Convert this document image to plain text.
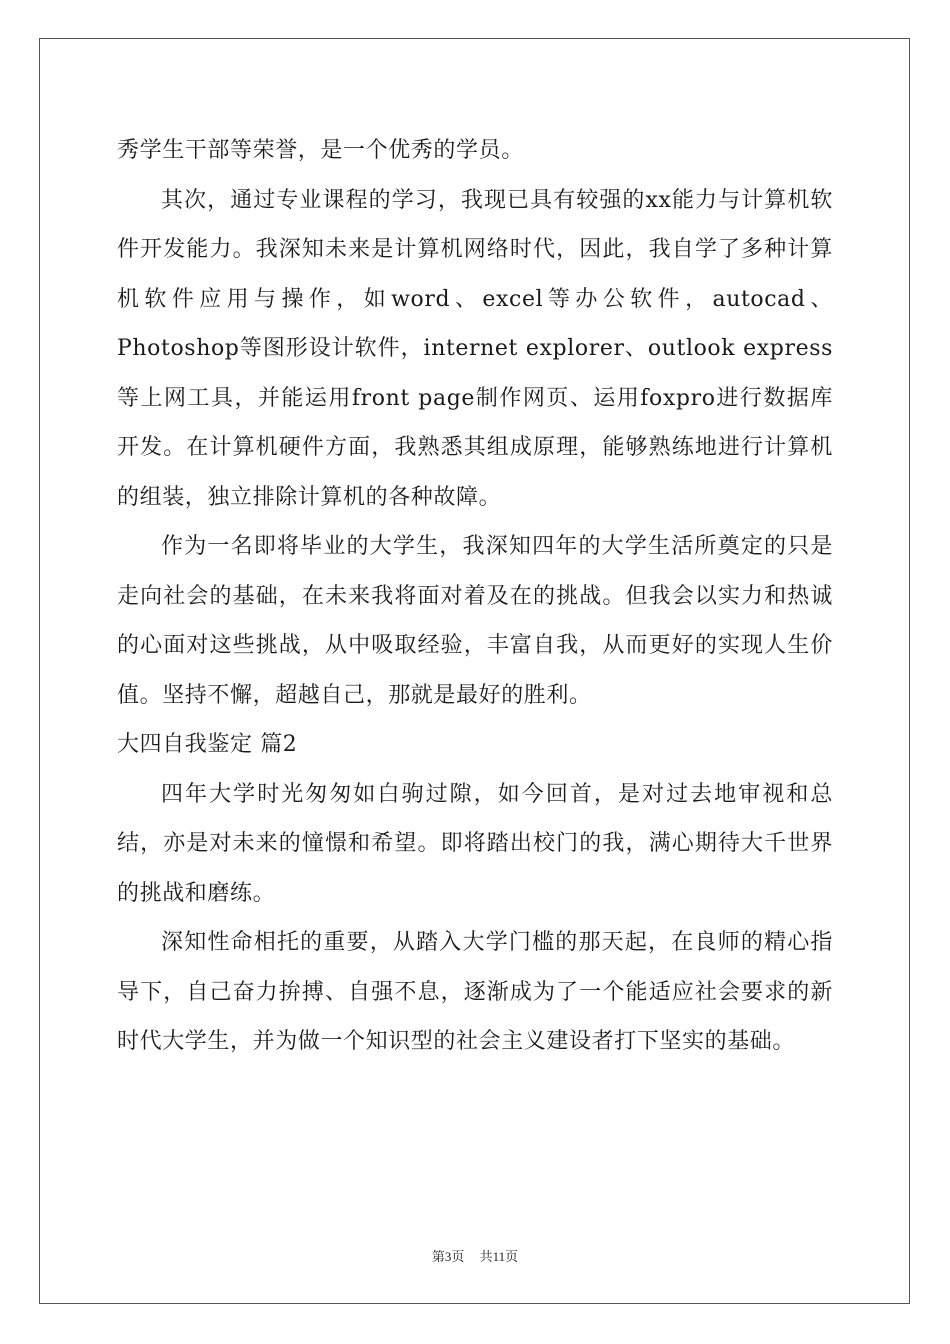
秀学生干部等荣誉，是一个优秀的学员。

其次，通过专业课程的学习，我现已具有较强的xx能力与计算机软件开发能力。我深知未来是计算机网络时代，因此，我自学了多种计算机软件应用与操作，如word、excel等办公软件，autocad、Photoshop等图形设计软件，internet explorer、outlook express等上网工具，并能运用front page制作网页、运用foxpro进行数据库开发。在计算机硬件方面，我熟悉其组成原理，能够熟练地进行计算机的组装，独立排除计算机的各种故障。

作为一名即将毕业的大学生，我深知四年的大学生活所奠定的只是走向社会的基础，在未来我将面对着及在的挑战。但我会以实力和热诚的心面对这些挑战，从中吸取经验，丰富自我，从而更好的实现人生价值。坚持不懈，超越自己，那就是最好的胜利。

大四自我鉴定 篇2

四年大学时光匆匆如白驹过隙，如今回首，是对过去地审视和总结，亦是对未来的憧憬和希望。即将踏出校门的我，满心期待大千世界的挑战和磨练。

深知性命相托的重要，从踏入大学门槛的那天起，在良师的精心指导下，自己奋力拚搏、自强不息，逐渐成为了一个能适应社会要求的新时代大学生，并为做一个知识型的社会主义建设者打下坚实的基础。

第3页 共11页
